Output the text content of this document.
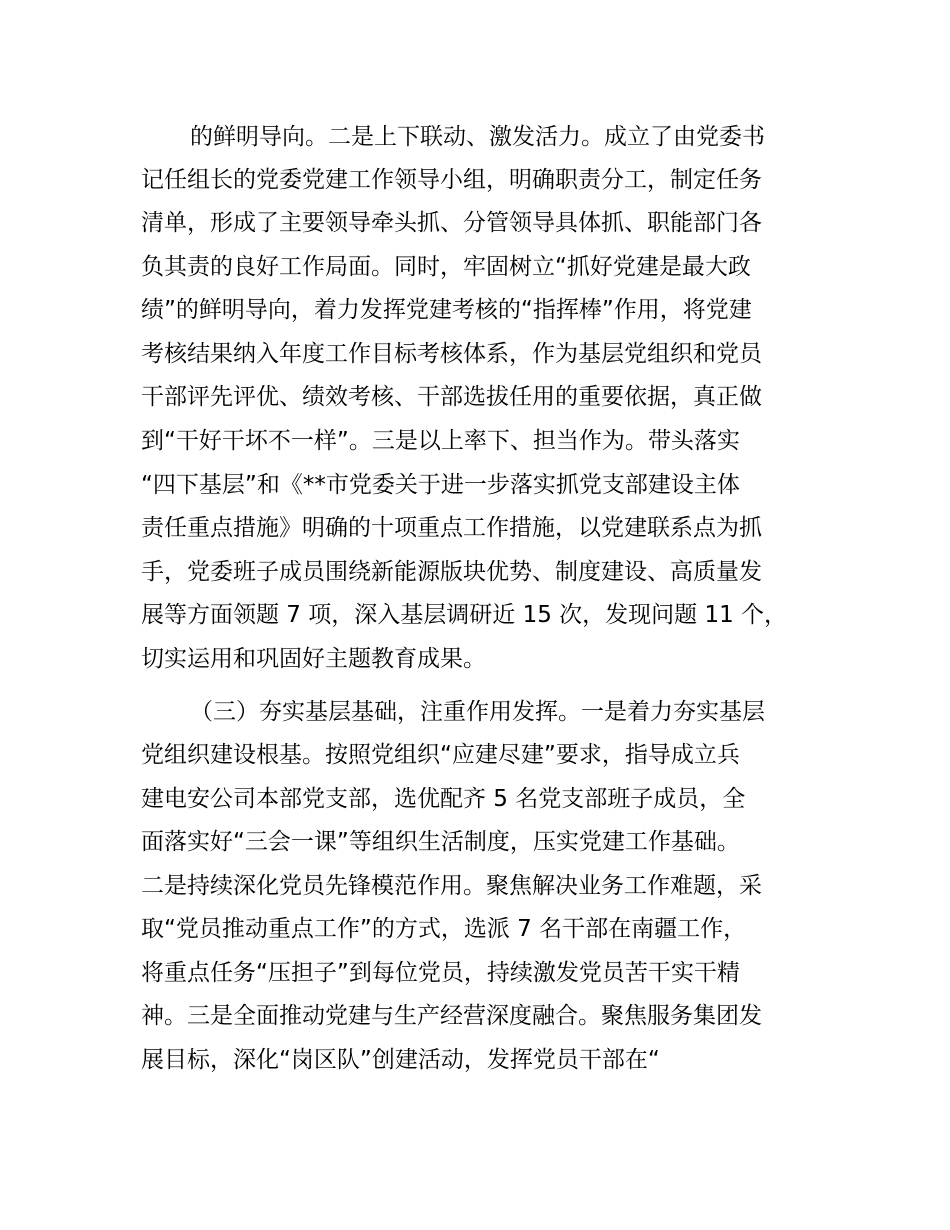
的鲜明导向。二是上下联动、激发活力。成立了由党委书
记任组长的党委党建工作领导小组，明确职责分工，制定任务
清单，形成了主要领导牵头抓、分管领导具体抓、职能部门各
负其责的良好工作局面。同时，牢固树立“抓好党建是最大政
绩”的鲜明导向，着力发挥党建考核的“指挥棒”作用，将党建
考核结果纳入年度工作目标考核体系，作为基层党组织和党员
干部评先评优、绩效考核、干部选拔任用的重要依据，真正做
到“干好干坏不一样”。三是以上率下、担当作为。带头落实
“四下基层”和《**市党委关于进一步落实抓党支部建设主体
责任重点措施》明确的十项重点工作措施，以党建联系点为抓
手，党委班子成员围绕新能源版块优势、制度建设、高质量发
展等方面领题 7 项，深入基层调研近 15 次，发现问题 11 个，
切实运用和巩固好主题教育成果。
（三）夯实基层基础，注重作用发挥。一是着力夯实基层
党组织建设根基。按照党组织“应建尽建”要求，指导成立兵
建电安公司本部党支部，选优配齐 5 名党支部班子成员，全
面落实好“三会一课”等组织生活制度，压实党建工作基础。
二是持续深化党员先锋模范作用。聚焦解决业务工作难题，采
取“党员推动重点工作”的方式，选派 7 名干部在南疆工作，
将重点任务“压担子”到每位党员，持续激发党员苦干实干精
神。三是全面推动党建与生产经营深度融合。聚焦服务集团发
展目标，深化“岗区队”创建活动，发挥党员干部在“
